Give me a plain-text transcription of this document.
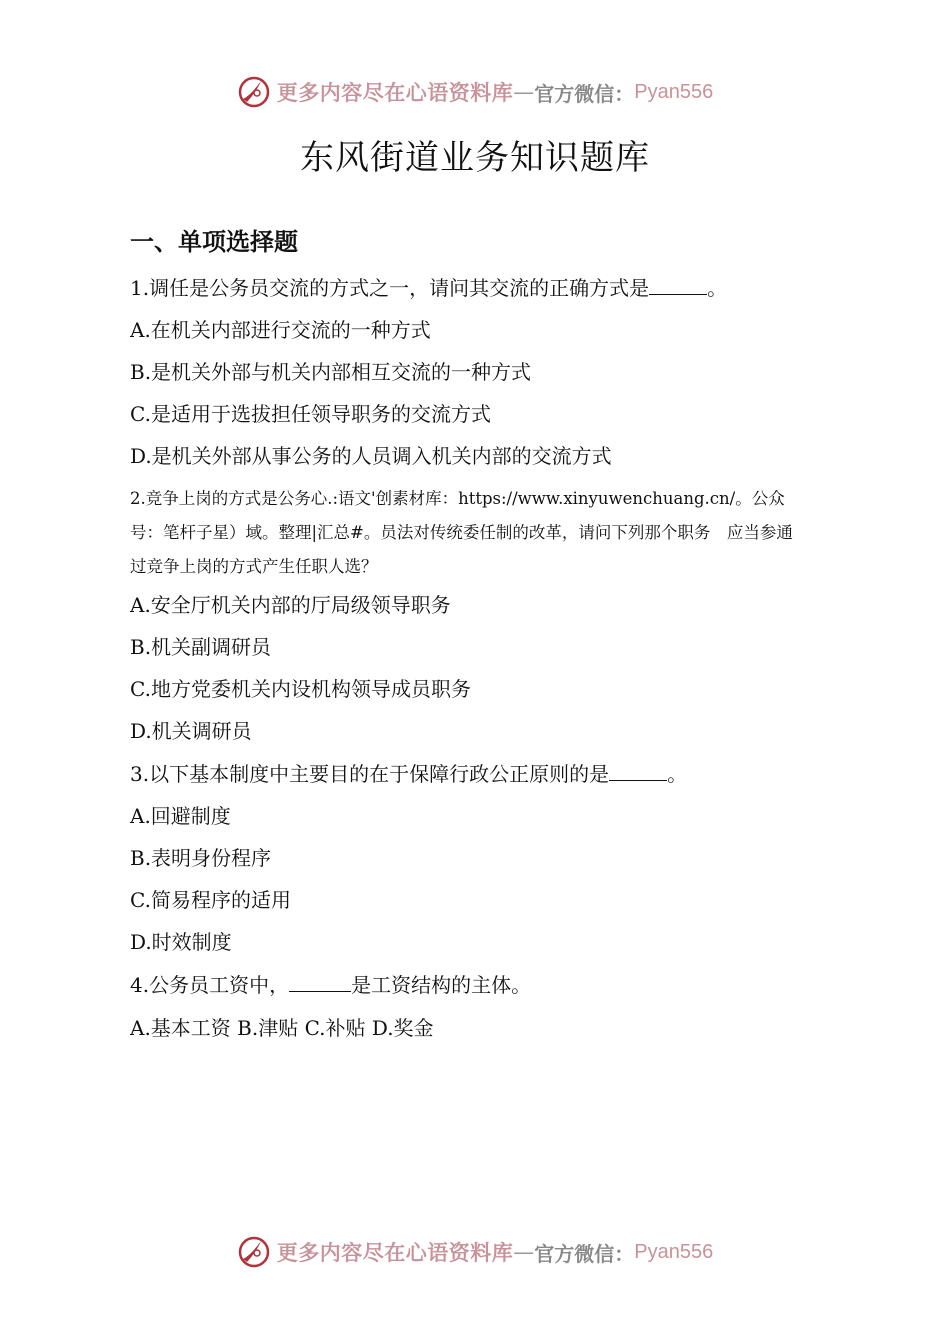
更多内容尽在心语资料库 — 官方微信： Pyan556
东风街道业务知识题库
一、单项选择题
1.调任是公务员交流的方式之一，请问其交流的正确方式是	。
A.在机关内部进行交流的一种方式
B.是机关外部与机关内部相互交流的一种方式
C.是适用于选拔担任领导职务的交流方式
D.是机关外部从事公务的人员调入机关内部的交流方式
2.竞争上岗的方式是公务心.:语文'创素材库：https://www.xinyuwenchuang.cn/。公众号：笔杆子星）域。整理|汇总#。员法对传统委任制的改革，请问下列那个职务　应当参通过竞争上岗的方式产生任职人选？
A.安全厅机关内部的厅局级领导职务
B.机关副调研员
C.地方党委机关内设机构领导成员职务
D.机关调研员
3.以下基本制度中主要目的在于保障行政公正原则的是	。
A.回避制度
B.表明身份程序
C.简易程序的适用
D.时效制度
4.公务员工资中，	是工资结构的主体。
A.基本工资 B.津贴 C.补贴 D.奖金
更多内容尽在心语资料库 — 官方微信： Pyan556
